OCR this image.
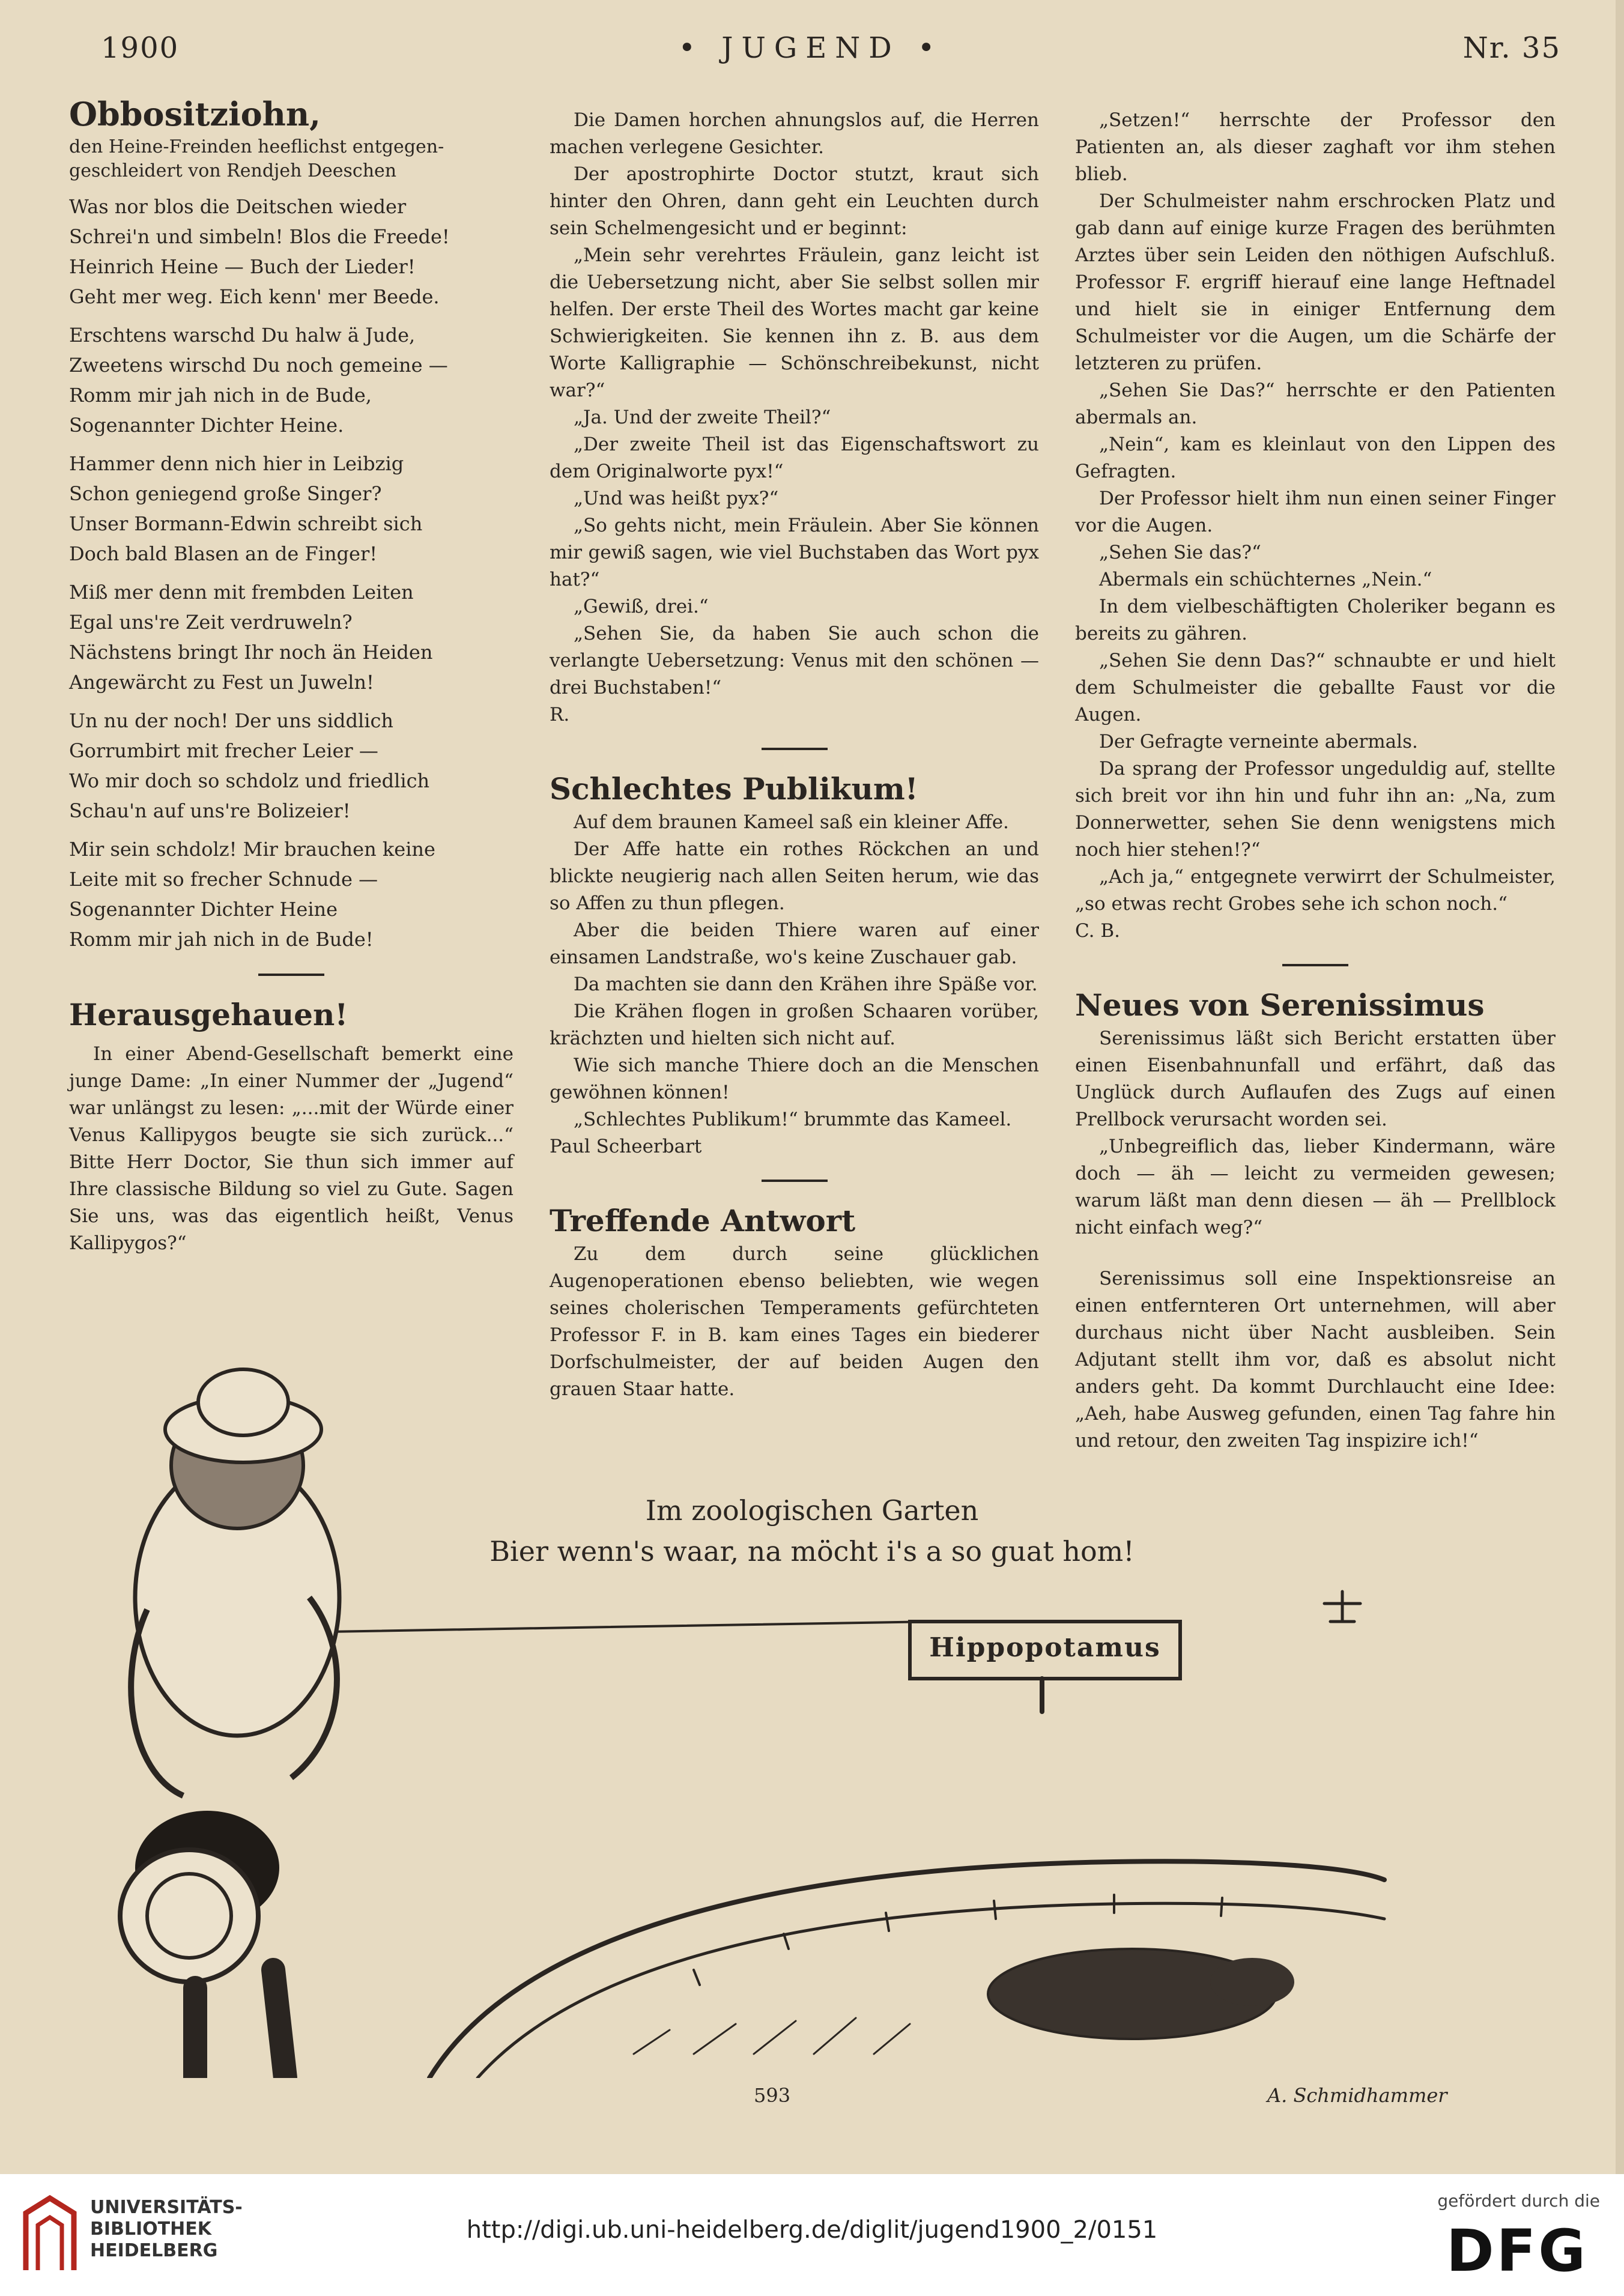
1900	• JUGEND •	Nr. 35

Obbositziohn,

den Heine-Freinden heeflichst entgegen-

geschleidert von Rendjeh Deeschen

Was nor blos die Deitschen wieder
Schrei'n und simbeln! Blos die Freede!
Heinrich Heine — Buch der Lieder!
Geht mer weg. Eich kenn' mer Beede.
Erschtens warschd Du halw ä Jude,
Zweetens wirschd Du noch gemeine —
Romm mir jah nich in de Bude,
Sogenannter Dichter Heine.
Hammer denn nich hier in Leibzig
Schon geniegend große Singer?
Unser Bormann-Edwin schreibt sich
Doch bald Blasen an de Finger!
Miß mer denn mit frembden Leiten
Egal uns're Zeit verdruweln?
Nächstens bringt Ihr noch än Heiden
Angewärcht zu Fest un Juweln!
Un nu der noch! Der uns siddlich
Gorrumbirt mit frecher Leier —
Wo mir doch so schdolz und friedlich
Schau'n auf uns're Bolizeier!
Mir sein schdolz! Mir brauchen keine
Leite mit so frecher Schnude —
Sogenannter Dichter Heine
Romm mir jah nich in de Bude!

Herausgehauen!

In einer Abend-Gesellschaft bemerkt eine junge Dame: „In einer Nummer der „Jugend“ war unlängst zu lesen: „...mit der Würde einer Venus Kallipygos beugte sie sich zurück...“ Bitte Herr Doctor, Sie thun sich immer auf Ihre classische Bildung so viel zu Gute. Sagen Sie uns, was das eigentlich heißt, Venus Kallipygos?“

Die Damen horchen ahnungslos auf, die Herren machen verlegene Gesichter.

Der apostrophirte Doctor stutzt, kraut sich hinter den Ohren, dann geht ein Leuchten durch sein Schelmengesicht und er beginnt:

„Mein sehr verehrtes Fräulein, ganz leicht ist die Uebersetzung nicht, aber Sie selbst sollen mir helfen. Der erste Theil des Wortes macht gar keine Schwierigkeiten. Sie kennen ihn z. B. aus dem Worte Kalligraphie — Schönschreibekunst, nicht war?“

„Ja. Und der zweite Theil?“

„Der zweite Theil ist das Eigenschaftswort zu dem Originalworte pyx!“

„Und was heißt pyx?“

„So gehts nicht, mein Fräulein. Aber Sie können mir gewiß sagen, wie viel Buchstaben das Wort pyx hat?“

„Gewiß, drei.“

„Sehen Sie, da haben Sie auch schon die verlangte Uebersetzung: Venus mit den schönen — drei Buchstaben!“

R.

Schlechtes Publikum!

Auf dem braunen Kameel saß ein kleiner Affe.

Der Affe hatte ein rothes Röckchen an und blickte neugierig nach allen Seiten herum, wie das so Affen zu thun pflegen.

Aber die beiden Thiere waren auf einer einsamen Landstraße, wo's keine Zuschauer gab.

Da machten sie dann den Krähen ihre Späße vor.

Die Krähen flogen in großen Schaaren vorüber, krächzten und hielten sich nicht auf.

Wie sich manche Thiere doch an die Menschen gewöhnen können!

„Schlechtes Publikum!“ brummte das Kameel.

Paul Scheerbart

Treffende Antwort

Zu dem durch seine glücklichen Augenoperationen ebenso beliebten, wie wegen seines cholerischen Temperaments gefürchteten Professor F. in B. kam eines Tages ein biederer Dorfschulmeister, der auf beiden Augen den grauen Staar hatte.

„Setzen!“ herrschte der Professor den Patienten an, als dieser zaghaft vor ihm stehen blieb.

Der Schulmeister nahm erschrocken Platz und gab dann auf einige kurze Fragen des berühmten Arztes über sein Leiden den nöthigen Aufschluß. Professor F. ergriff hierauf eine lange Heftnadel und hielt sie in einiger Entfernung dem Schulmeister vor die Augen, um die Schärfe der letzteren zu prüfen.

„Sehen Sie Das?“ herrschte er den Patienten abermals an.

„Nein“, kam es kleinlaut von den Lippen des Gefragten.

Der Professor hielt ihm nun einen seiner Finger vor die Augen.

„Sehen Sie das?“

Abermals ein schüchternes „Nein.“

In dem vielbeschäftigten Choleriker begann es bereits zu gähren.

„Sehen Sie denn Das?“ schnaubte er und hielt dem Schulmeister die geballte Faust vor die Augen.

Der Gefragte verneinte abermals.

Da sprang der Professor ungeduldig auf, stellte sich breit vor ihn hin und fuhr ihn an: „Na, zum Donnerwetter, sehen Sie denn wenigstens mich noch hier stehen!?“

„Ach ja,“ entgegnete verwirrt der Schulmeister, „so etwas recht Grobes sehe ich schon noch.“

C. B.

Neues von Serenissimus

Serenissimus läßt sich Bericht erstatten über einen Eisenbahnunfall und erfährt, daß das Unglück durch Auflaufen des Zugs auf einen Prellbock verursacht worden sei.

„Unbegreiflich das, lieber Kindermann, wäre doch — äh — leicht zu vermeiden gewesen; warum läßt man denn diesen — äh — Prellblock nicht einfach weg?“

Serenissimus soll eine Inspektionsreise an einen entfernteren Ort unternehmen, will aber durchaus nicht über Nacht ausbleiben. Sein Adjutant stellt ihm vor, daß es absolut nicht anders geht. Da kommt Durchlaucht eine Idee: „Aeh, habe Ausweg gefunden, einen Tag fahre hin und retour, den zweiten Tag inspizire ich!“

Hippopotamus
Im zoologischen Garten
Bier wenn's waar, na möcht i's a so guat hom!
593	A. Schmidhammer
UNIVERSITÄTS-
BIBLIOTHEK
HEIDELBERG
http://digi.ub.uni-heidelberg.de/diglit/jugend1900_2/0151
gefördert durch die
DFG
